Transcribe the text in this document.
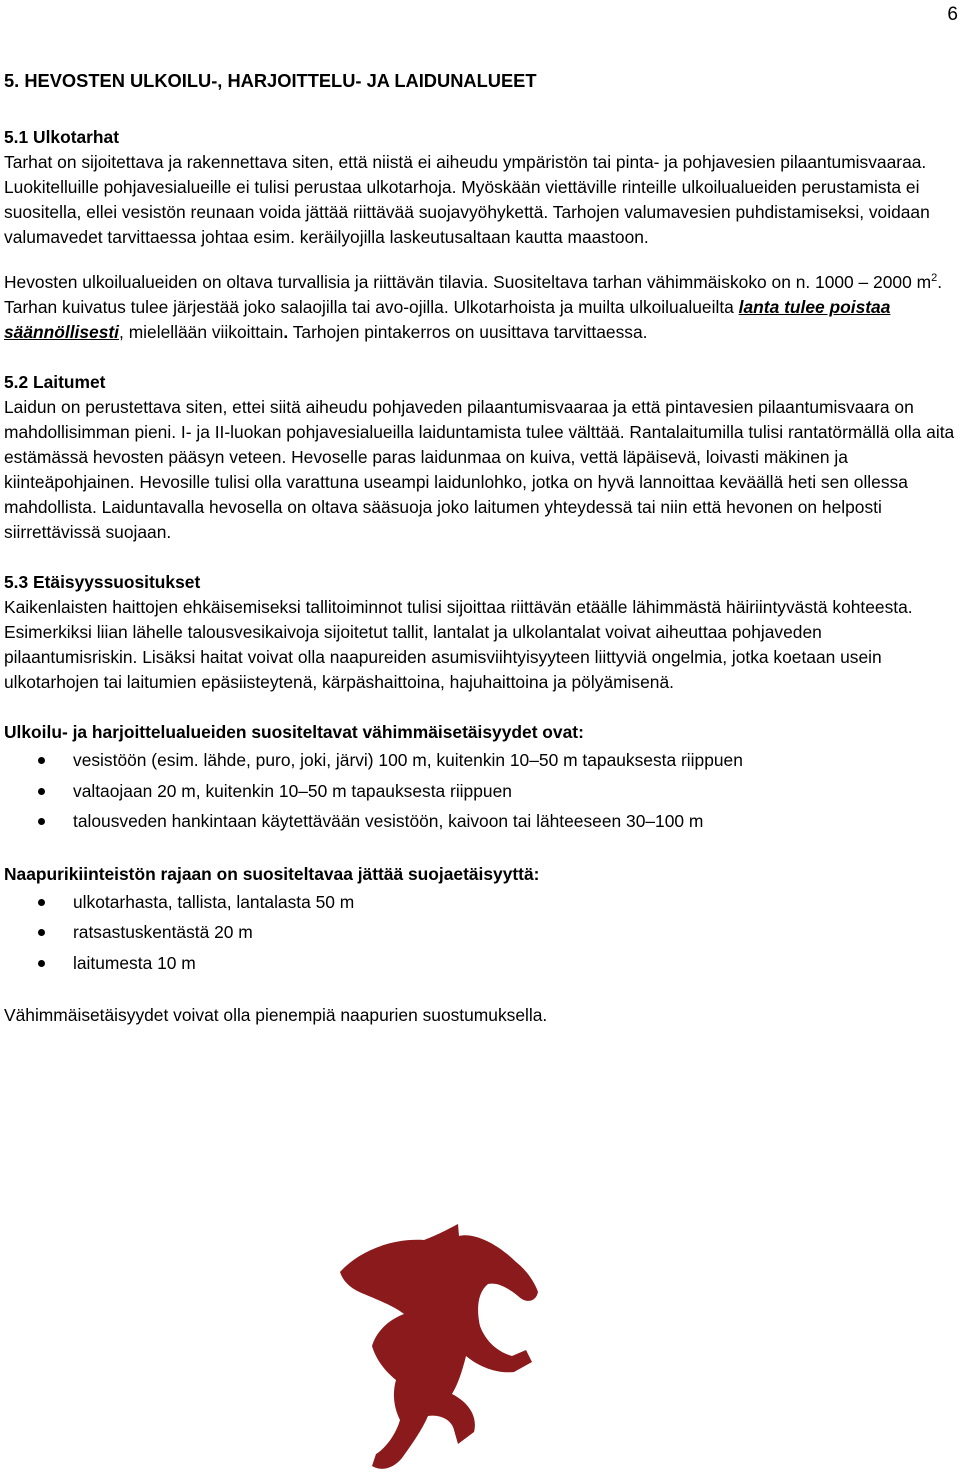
6
5. HEVOSTEN ULKOILU-, HARJOITTELU- JA LAIDUNALUEET
5.1 Ulkotarhat

Tarhat on sijoitettava ja rakennettava siten, että niistä ei aiheudu ympäristön tai pinta- ja pohjavesien pilaantumisvaaraa. Luokitelluille pohjavesialueille ei tulisi perustaa ulkotarhoja. Myöskään viettäville rinteille ulkoilualueiden perustamista ei suositella, ellei vesistön reunaan voida jättää riittävää suojavyöhykettä. Tarhojen valumavesien puhdistamiseksi, voidaan valumavedet tarvittaessa johtaa esim. keräilyojilla laskeutusaltaan kautta maastoon.

Hevosten ulkoilualueiden on oltava turvallisia ja riittävän tilavia. Suositeltava tarhan vähimmäiskoko on n. 1000 – 2000 $m^2$. Tarhan kuivatus tulee järjestää joko salaojilla tai avo-ojilla. Ulkotarhoista ja muilta ulkoilualueilta lanta tulee poistaa säännöllisesti, mielellään viikoittain. Tarhojen pintakerros on uusittava tarvittaessa.

5.2 Laitumet

Laidun on perustettava siten, ettei siitä aiheudu pohjaveden pilaantumisvaaraa ja että pintavesien pilaantumisvaara on mahdollisimman pieni. I- ja II-luokan pohjavesialueilla laiduntamista tulee välttää. Rantalaitumilla tulisi rantatörmällä olla aita estämässä hevosten pääsyn veteen. Hevoselle paras laidunmaa on kuiva, vettä läpäisevä, loivasti mäkinen ja kiinteäpohjainen. Hevosille tulisi olla varattuna useampi laidunlohko, jotka on hyvä lannoittaa keväällä heti sen ollessa mahdollista. Laiduntavalla hevosella on oltava sääsuoja joko laitumen yhteydessä tai niin että hevonen on helposti siirrettävissä suojaan.

5.3 Etäisyyssuositukset

Kaikenlaisten haittojen ehkäisemiseksi tallitoiminnot tulisi sijoittaa riittävän etäälle lähimmästä häiriintyvästä kohteesta. Esimerkiksi liian lähelle talousvesikaivoja sijoitetut tallit, lantalat ja ulkolantalat voivat aiheuttaa pohjaveden pilaantumisriskin. Lisäksi haitat voivat olla naapureiden asumisviihtyisyyteen liittyviä ongelmia, jotka koetaan usein ulkotarhojen tai laitumien epäsiisteytenä, kärpäshaittoina, hajuhaittoina ja pölyämisenä.

Ulkoilu- ja harjoittelualueiden suositeltavat vähimmäisetäisyydet ovat:
vesistöön (esim. lähde, puro, joki, järvi) 100 m, kuitenkin 10–50 m tapauksesta riippuen
valtaojaan 20 m, kuitenkin 10–50 m tapauksesta riippuen
talousveden hankintaan käytettävään vesistöön, kaivoon tai lähteeseen 30–100 m
Naapurikiinteistön rajaan on suositeltavaa jättää suojaetäisyyttä:
ulkotarhasta, tallista, lantalasta 50 m
ratsastuskentästä 20 m
laitumesta 10 m

Vähimmäisetäisyydet voivat olla pienempiä naapurien suostumuksella.
